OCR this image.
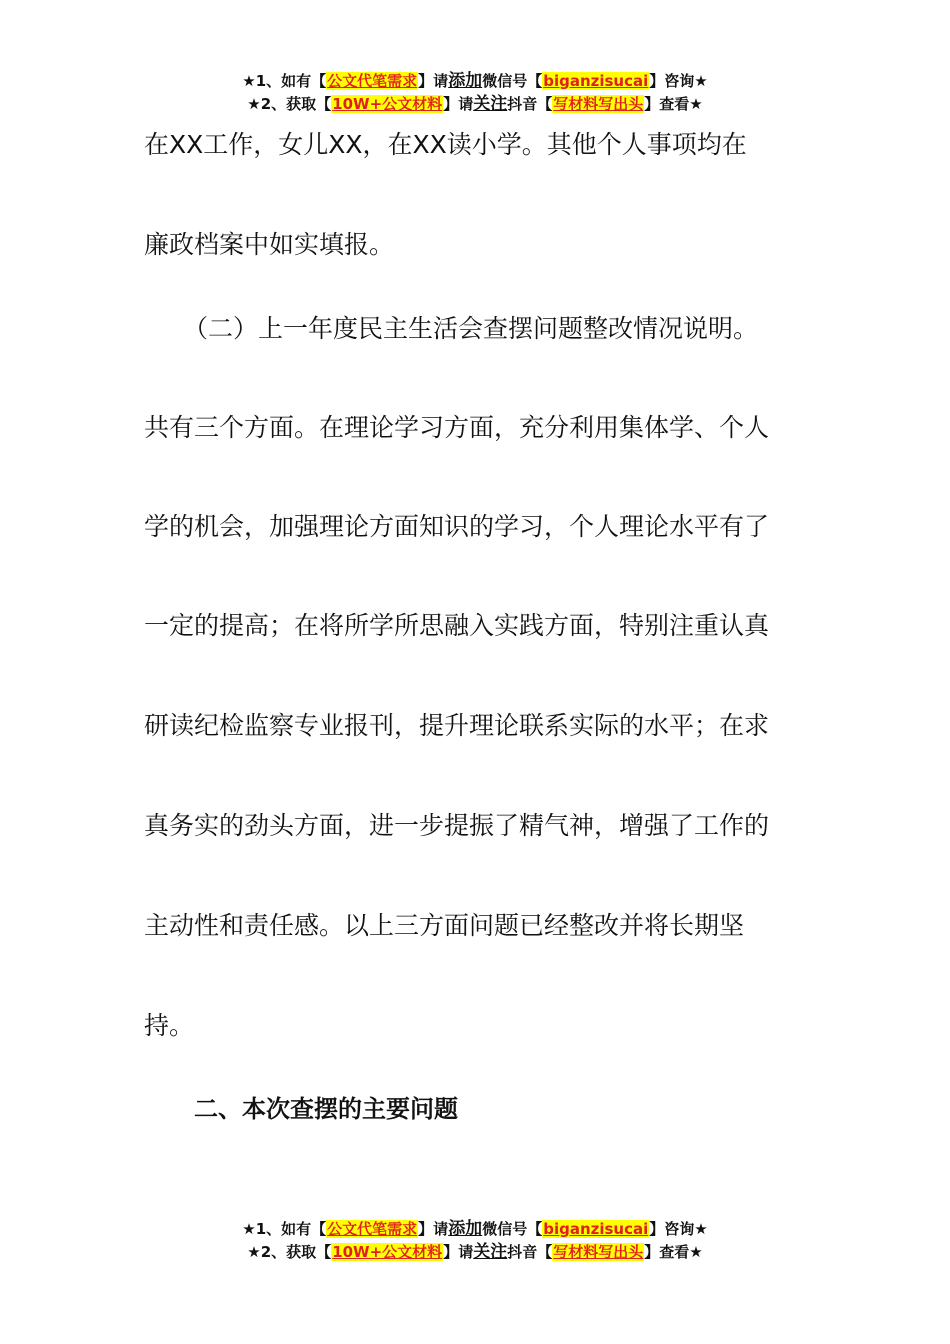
★1、如有【公文代笔需求】请添加微信号【biganzisucai】咨询★
★2、获取【10W+公文材料】请关注抖音【写材料写出头】查看★
在XX工作，女儿XX，在XX读小学。其他个人事项均在
廉政档案中如实填报。
（二）上一年度民主生活会查摆问题整改情况说明。
共有三个方面。在理论学习方面，充分利用集体学、个人
学的机会，加强理论方面知识的学习，个人理论水平有了
一定的提高；在将所学所思融入实践方面，特别注重认真
研读纪检监察专业报刊，提升理论联系实际的水平；在求
真务实的劲头方面，进一步提振了精气神，增强了工作的
主动性和责任感。以上三方面问题已经整改并将长期坚
持。
二、本次查摆的主要问题
★1、如有【公文代笔需求】请添加微信号【biganzisucai】咨询★
★2、获取【10W+公文材料】请关注抖音【写材料写出头】查看★
